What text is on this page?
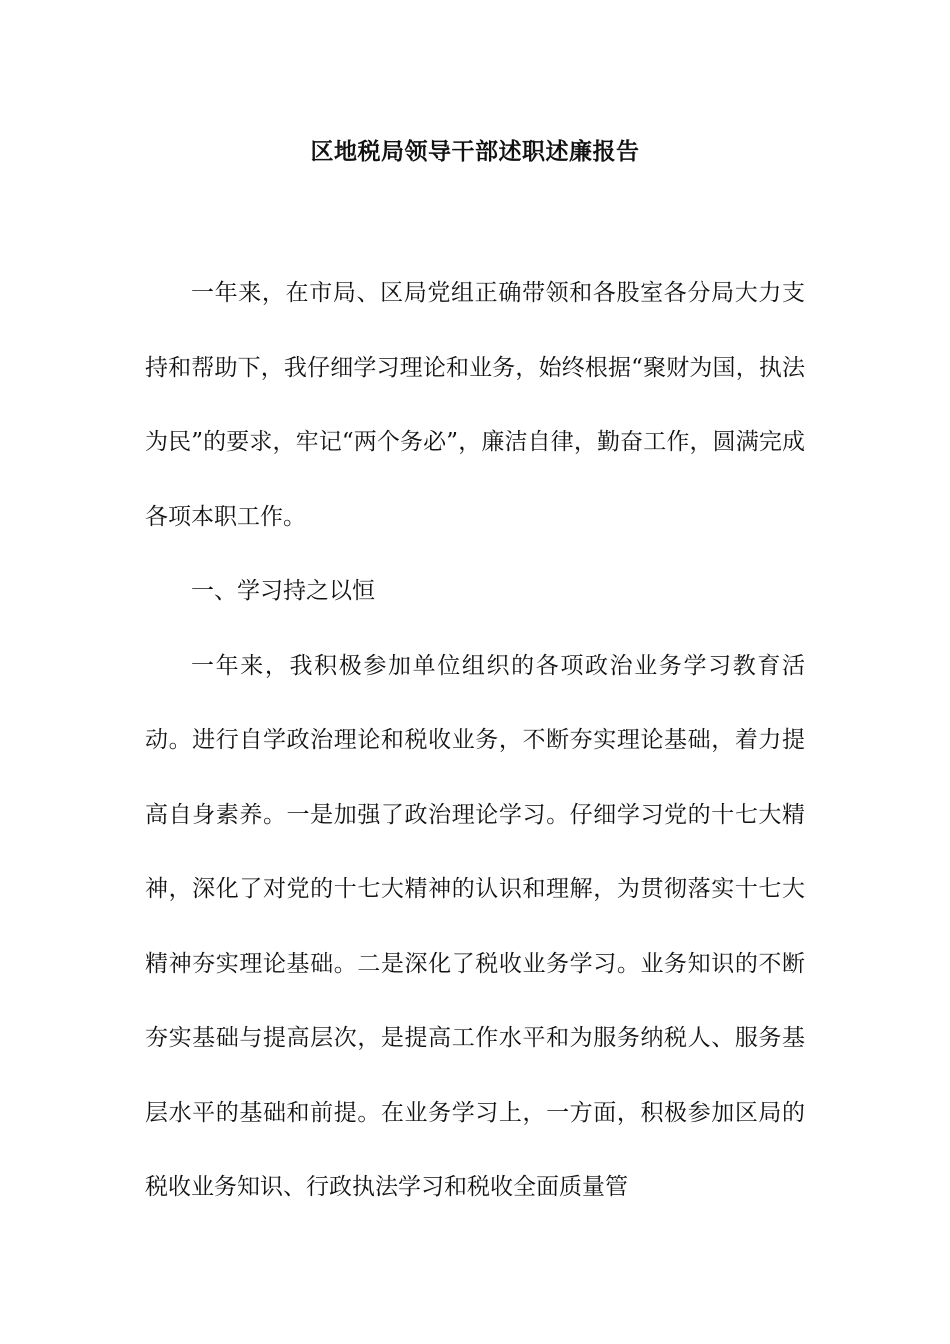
区地税局领导干部述职述廉报告

一年来，在市局、区局党组正确带领和各股室各分局大力支持和帮助下，我仔细学习理论和业务，始终根据“聚财为国，执法为民”的要求，牢记“两个务必”，廉洁自律，勤奋工作，圆满完成各项本职工作。

一、学习持之以恒

一年来，我积极参加单位组织的各项政治业务学习教育活动。进行自学政治理论和税收业务，不断夯实理论基础，着力提高自身素养。一是加强了政治理论学习。仔细学习党的十七大精神，深化了对党的十七大精神的认识和理解，为贯彻落实十七大精神夯实理论基础。二是深化了税收业务学习。业务知识的不断夯实基础与提高层次，是提高工作水平和为服务纳税人、服务基层水平的基础和前提。在业务学习上，一方面，积极参加区局的税收业务知识、行政执法学习和税收全面质量管
